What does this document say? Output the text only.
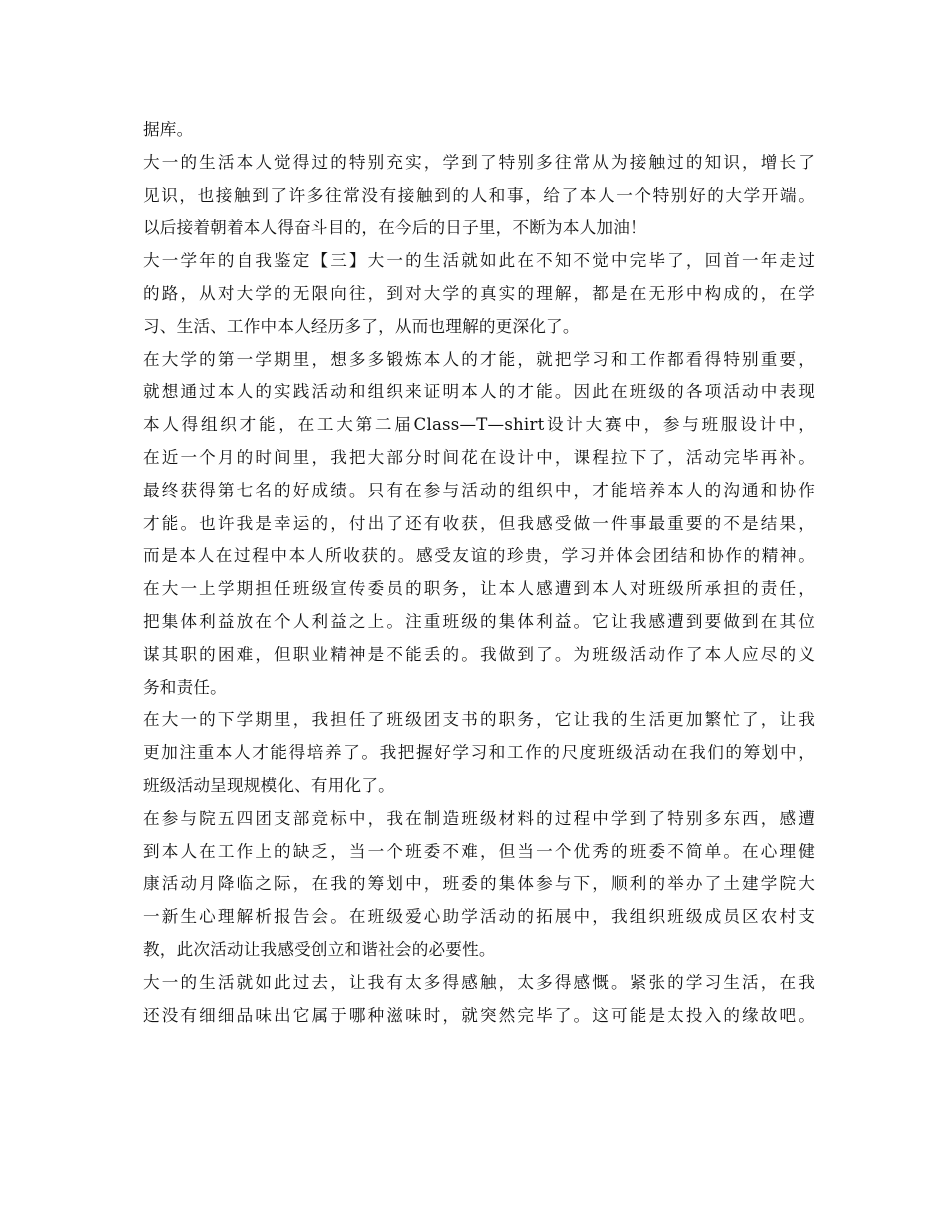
据库。
大一的生活本人觉得过的特别充实，学到了特别多往常从为接触过的知识，增长了
见识，也接触到了许多往常没有接触到的人和事，给了本人一个特别好的大学开端。
以后接着朝着本人得奋斗目的，在今后的日子里，不断为本人加油！
大一学年的自我鉴定【三】大一的生活就如此在不知不觉中完毕了，回首一年走过
的路，从对大学的无限向往，到对大学的真实的理解，都是在无形中构成的，在学
习、生活、工作中本人经历多了，从而也理解的更深化了。
在大学的第一学期里，想多多锻炼本人的才能，就把学习和工作都看得特别重要，
就想通过本人的实践活动和组织来证明本人的才能。因此在班级的各项活动中表现
本人得组织才能，在工大第二届Class—T—shirt设计大赛中，参与班服设计中，
在近一个月的时间里，我把大部分时间花在设计中，课程拉下了，活动完毕再补。
最终获得第七名的好成绩。只有在参与活动的组织中，才能培养本人的沟通和协作
才能。也许我是幸运的，付出了还有收获，但我感受做一件事最重要的不是结果，
而是本人在过程中本人所收获的。感受友谊的珍贵，学习并体会团结和协作的精神。
在大一上学期担任班级宣传委员的职务，让本人感遭到本人对班级所承担的责任，
把集体利益放在个人利益之上。注重班级的集体利益。它让我感遭到要做到在其位
谋其职的困难，但职业精神是不能丢的。我做到了。为班级活动作了本人应尽的义
务和责任。
在大一的下学期里，我担任了班级团支书的职务，它让我的生活更加繁忙了，让我
更加注重本人才能得培养了。我把握好学习和工作的尺度班级活动在我们的筹划中，
班级活动呈现规模化、有用化了。
在参与院五四团支部竞标中，我在制造班级材料的过程中学到了特别多东西，感遭
到本人在工作上的缺乏，当一个班委不难，但当一个优秀的班委不简单。在心理健
康活动月降临之际，在我的筹划中，班委的集体参与下，顺利的举办了土建学院大
一新生心理解析报告会。在班级爱心助学活动的拓展中，我组织班级成员区农村支
教，此次活动让我感受创立和谐社会的必要性。
大一的生活就如此过去，让我有太多得感触，太多得感慨。紧张的学习生活，在我
还没有细细品味出它属于哪种滋味时，就突然完毕了。这可能是太投入的缘故吧。
